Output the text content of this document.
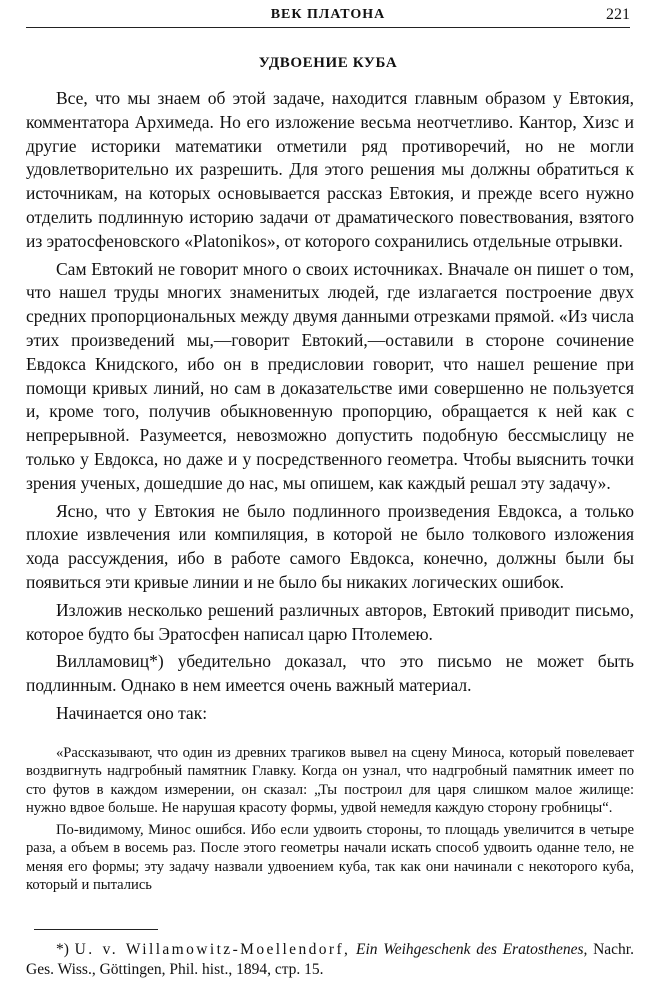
ВЕК ПЛАТОНА	221
УДВОЕНИЕ КУБА

Все, что мы знаем об этой задаче, находится главным образом у Евтокия, комментатора Архимеда. Но его изложение весьма неотчетливо. Кантор, Хизс и другие историки математики отметили ряд противоречий, но не могли удовлетворительно их разрешить. Для этого решения мы должны обратиться к источникам, на которых основывается рассказ Евтокия, и прежде всего нужно отделить подлинную историю задачи от драматического повествования, взятого из эратосфеновского «Platonikos», от которого сохранились отдельные отрывки.

Сам Евтокий не говорит много о своих источниках. Вначале он пишет о том, что нашел труды многих знаменитых людей, где излагается построение двух средних пропорциональных между двумя данными отрезками прямой. «Из числа этих произведений мы,—говорит Евтокий,—оставили в стороне сочинение Евдокса Книдского, ибо он в предисловии говорит, что нашел решение при помощи кривых линий, но сам в доказательстве ими совершенно не пользуется и, кроме того, получив обыкновенную пропорцию, обращается к ней как с непрерывной. Разумеется, невозможно допустить подобную бессмыслицу не только у Евдокса, но даже и у посредственного геометра. Чтобы выяснить точки зрения ученых, дошедшие до нас, мы опишем, как каждый решал эту задачу».

Ясно, что у Евтокия не было подлинного произведения Евдокса, а только плохие извлечения или компиляция, в которой не было толкового изложения хода рассуждения, ибо в работе самого Евдокса, конечно, должны были бы появиться эти кривые линии и не было бы никаких логических ошибок.

Изложив несколько решений различных авторов, Евтокий приводит письмо, которое будто бы Эратосфен написал царю Птолемею.

Вилламовиц*) убедительно доказал, что это письмо не может быть подлинным. Однако в нем имеется очень важный материал.

Начинается оно так:

«Рассказывают, что один из древних трагиков вывел на сцену Миноса, который повелевает воздвигнуть надгробный памятник Главку. Когда он узнал, что надгробный памятник имеет по сто футов в каждом измерении, он сказал: „Ты построил для царя слишком малое жилище: нужно вдвое больше. Не нарушая красоту формы, удвой немедля каждую сторону гробницы“.

По-видимому, Минос ошибся. Ибо если удвоить стороны, то площадь увеличится в четыре раза, а объем в восемь раз. После этого геометры начали искать способ удвоить оданне тело, не меняя его формы; эту задачу назвали удвоением куба, так как они начинали с некоторого куба, который и пытались

*) U. v. Willamowitz-Moellendorf, Ein Weihgeschenk des Eratosthenes, Nachr. Ges. Wiss., Göttingen, Phil. hist., 1894, стр. 15.
